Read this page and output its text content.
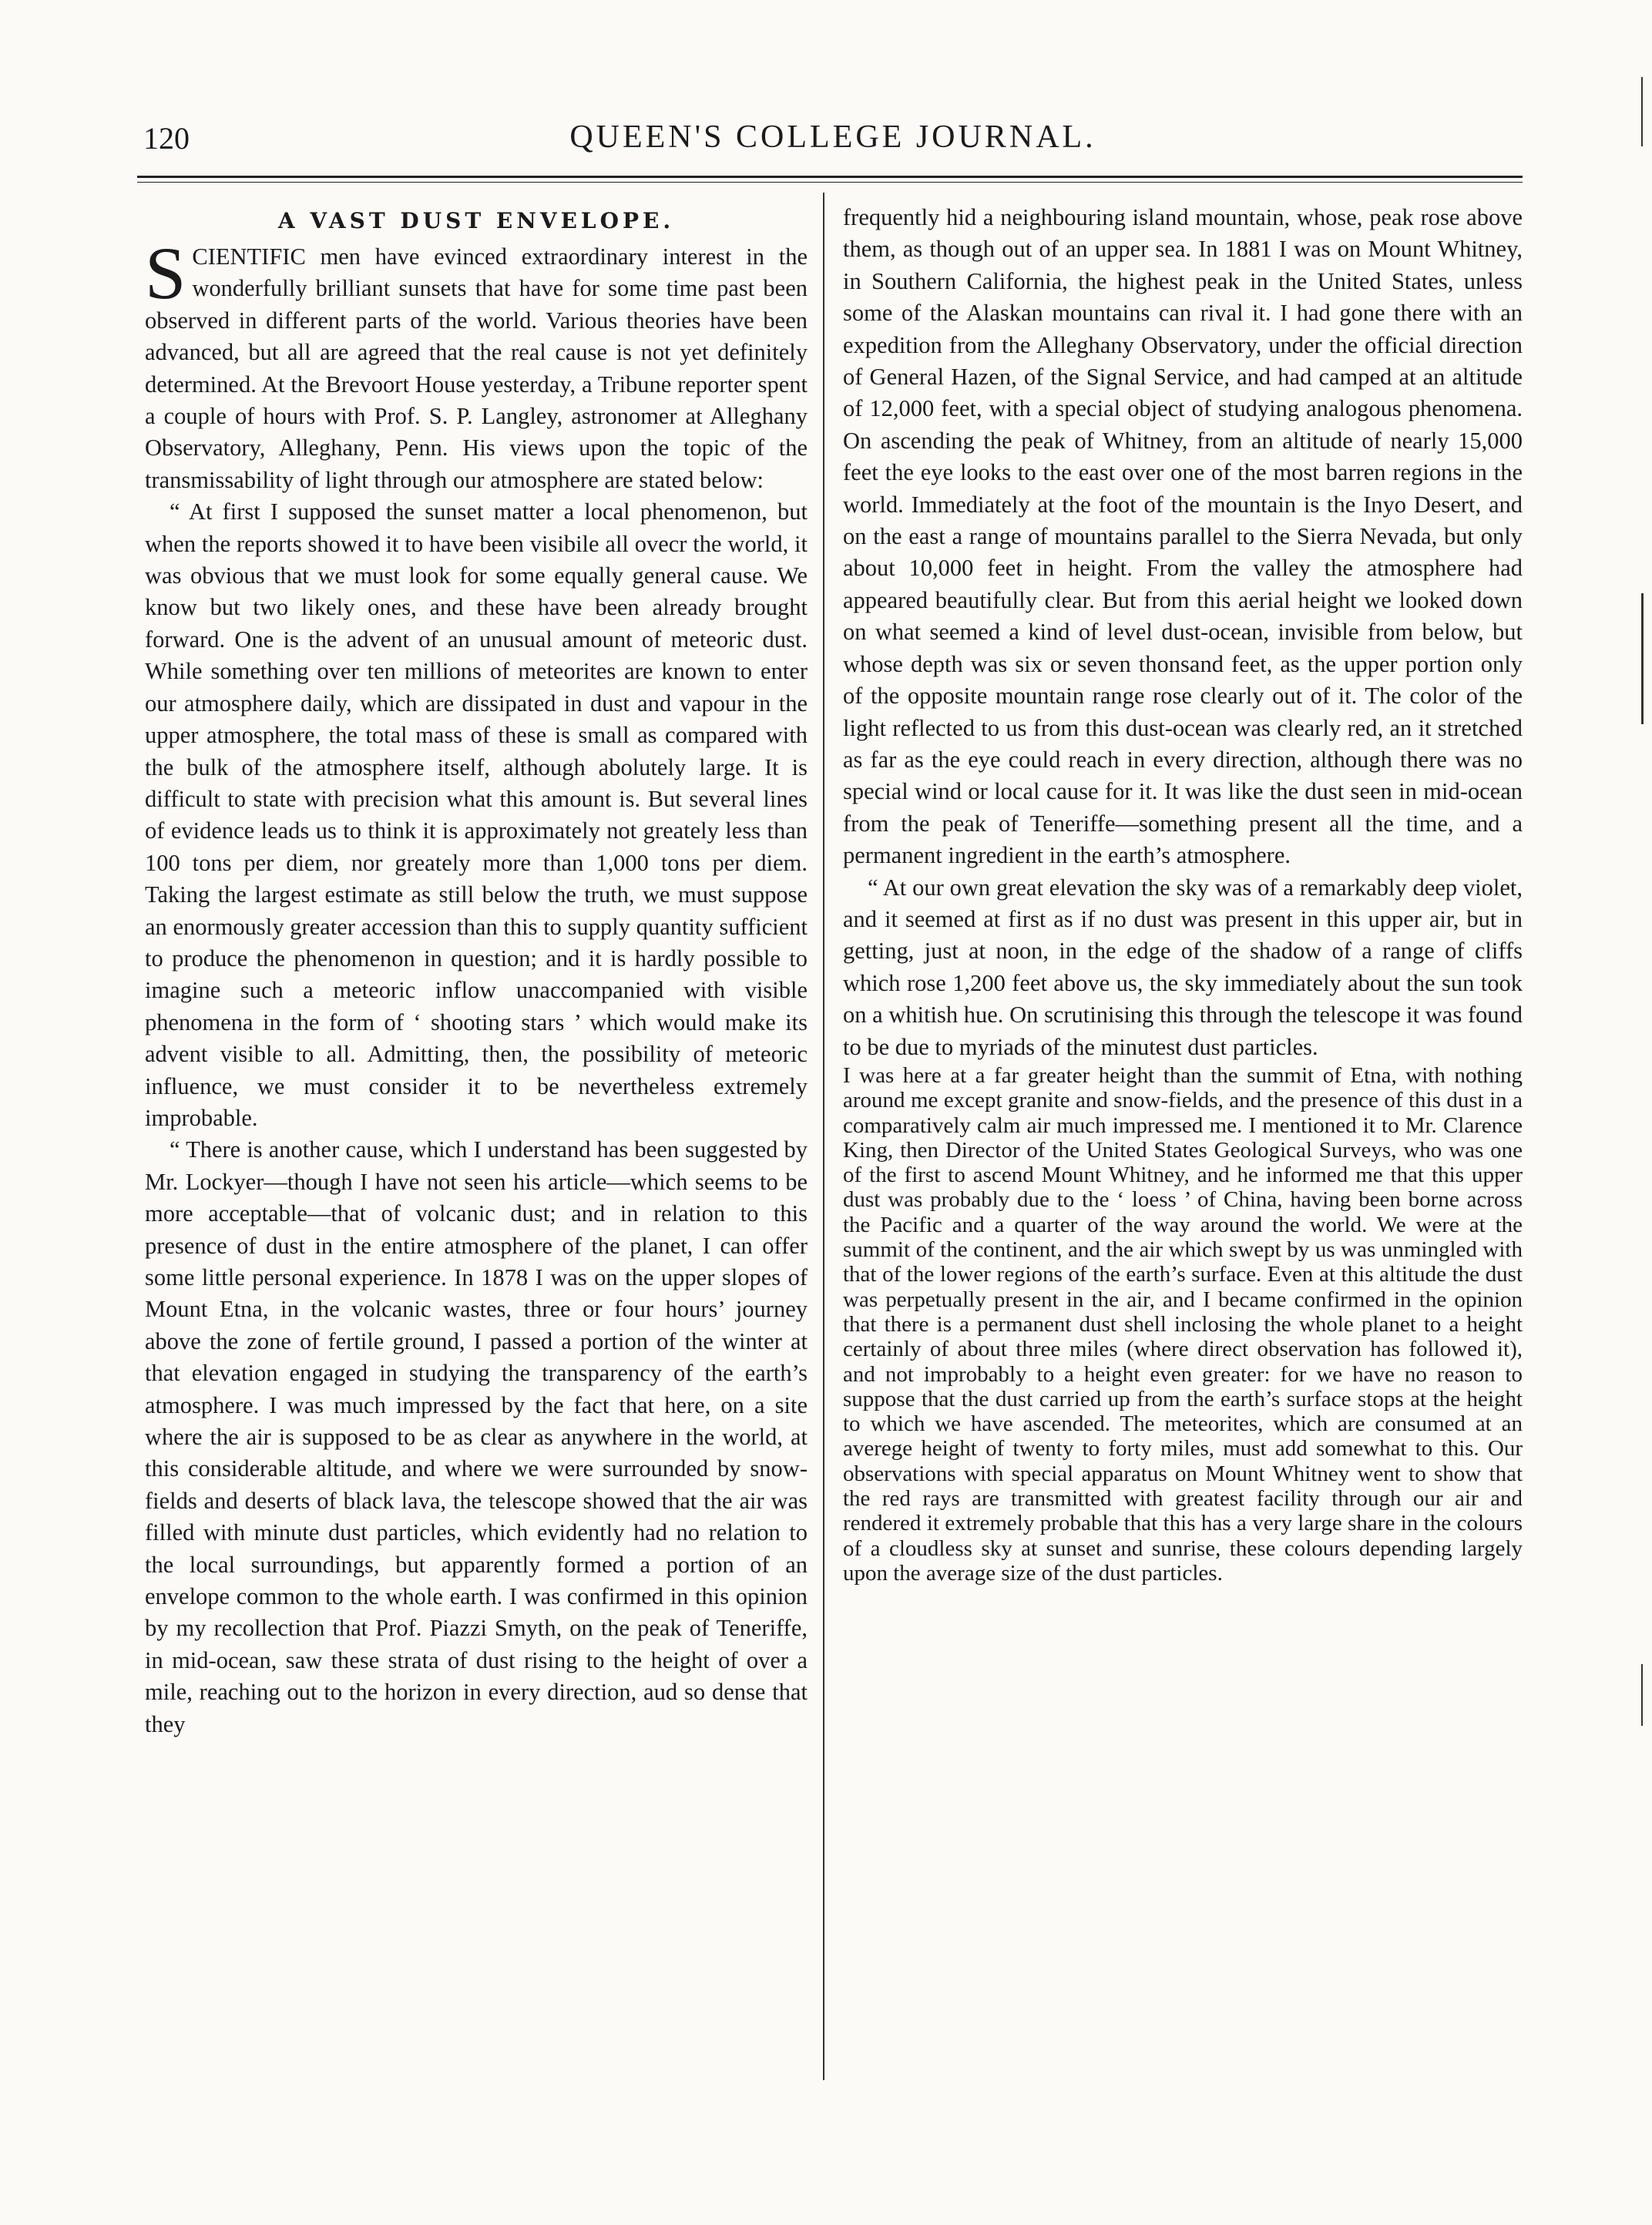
120	QUEEN'S COLLEGE JOURNAL.
A VAST DUST ENVELOPE.

SCIENTIFIC men have evinced extraordinary interest in the wonderfully brilliant sunsets that have for some time past been observed in different parts of the world. Various theories have been advanced, but all are agreed that the real cause is not yet definitely determined. At the Brevoort House yesterday, a Tribune reporter spent a couple of hours with Prof. S. P. Langley, astronomer at Alleghany Observatory, Alleghany, Penn. His views upon the topic of the transmissability of light through our atmosphere are stated below:

“ At first I supposed the sunset matter a local phenomenon, but when the reports showed it to have been visibile all ovecr the world, it was obvious that we must look for some equally general cause. We know but two likely ones, and these have been already brought forward. One is the advent of an unusual amount of meteoric dust. While something over ten millions of meteorites are known to enter our atmosphere daily, which are dissipated in dust and vapour in the upper atmosphere, the total mass of these is small as compared with the bulk of the atmosphere itself, although abolutely large. It is difficult to state with precision what this amount is. But several lines of evidence leads us to think it is approximately not greately less than 100 tons per diem, nor greately more than 1,000 tons per diem. Taking the largest estimate as still below the truth, we must suppose an enormously greater accession than this to supply quantity sufficient to produce the phenomenon in question; and it is hardly possible to imagine such a meteoric inflow unaccompanied with visible phenomena in the form of ‘ shooting stars ’ which would make its advent visible to all. Admitting, then, the possibility of meteoric influence, we must consider it to be nevertheless extremely improbable.

“ There is another cause, which I understand has been suggested by Mr. Lockyer—though I have not seen his article—which seems to be more acceptable—that of volcanic dust; and in relation to this presence of dust in the entire atmosphere of the planet, I can offer some little personal experience. In 1878 I was on the upper slopes of Mount Etna, in the volcanic wastes, three or four hours’ journey above the zone of fertile ground, I passed a portion of the winter at that elevation engaged in studying the transparency of the earth’s atmosphere. I was much impressed by the fact that here, on a site where the air is supposed to be as clear as anywhere in the world, at this considerable altitude, and where we were surrounded by snow-fields and deserts of black lava, the telescope showed that the air was filled with minute dust particles, which evidently had no relation to the local surroundings, but apparently formed a portion of an envelope common to the whole earth. I was confirmed in this opinion by my recollection that Prof. Piazzi Smyth, on the peak of Teneriffe, in mid-ocean, saw these strata of dust rising to the height of over a mile, reaching out to the horizon in every direction, aud so dense that they

frequently hid a neighbouring island mountain, whose, peak rose above them, as though out of an upper sea. In 1881 I was on Mount Whitney, in Southern California, the highest peak in the United States, unless some of the Alaskan mountains can rival it. I had gone there with an expedition from the Alleghany Observatory, under the official direction of General Hazen, of the Signal Service, and had camped at an altitude of 12,000 feet, with a special object of studying analogous phenomena. On ascending the peak of Whitney, from an altitude of nearly 15,000 feet the eye looks to the east over one of the most barren regions in the world. Immediately at the foot of the mountain is the Inyo Desert, and on the east a range of mountains parallel to the Sierra Nevada, but only about 10,000 feet in height. From the valley the atmosphere had appeared beautifully clear. But from this aerial height we looked down on what seemed a kind of level dust-ocean, invisible from below, but whose depth was six or seven thonsand feet, as the upper portion only of the opposite mountain range rose clearly out of it. The color of the light reflected to us from this dust-ocean was clearly red, an it stretched as far as the eye could reach in every direction, although there was no special wind or local cause for it. It was like the dust seen in mid-ocean from the peak of Teneriffe—something present all the time, and a permanent ingredient in the earth’s atmosphere.

“ At our own great elevation the sky was of a remarkably deep violet, and it seemed at first as if no dust was present in this upper air, but in getting, just at noon, in the edge of the shadow of a range of cliffs which rose 1,200 feet above us, the sky immediately about the sun took on a whitish hue. On scrutinising this through the telescope it was found to be due to myriads of the minutest dust particles.

I was here at a far greater height than the summit of Etna, with nothing around me except granite and snow-fields, and the presence of this dust in a comparatively calm air much impressed me. I mentioned it to Mr. Clarence King, then Director of the United States Geological Surveys, who was one of the first to ascend Mount Whitney, and he informed me that this upper dust was probably due to the ‘ loess ’ of China, having been borne across the Pacific and a quarter of the way around the world. We were at the summit of the continent, and the air which swept by us was unmingled with that of the lower regions of the earth’s surface. Even at this altitude the dust was perpetually present in the air, and I became confirmed in the opinion that there is a permanent dust shell inclosing the whole planet to a height certainly of about three miles (where direct observation has followed it), and not improbably to a height even greater: for we have no reason to suppose that the dust carried up from the earth’s surface stops at the height to which we have ascended. The meteorites, which are consumed at an averege height of twenty to forty miles, must add somewhat to this. Our observations with special apparatus on Mount Whitney went to show that the red rays are transmitted with greatest facility through our air and rendered it extremely probable that this has a very large share in the colours of a cloudless sky at sunset and sunrise, these colours depending largely upon the average size of the dust particles.
